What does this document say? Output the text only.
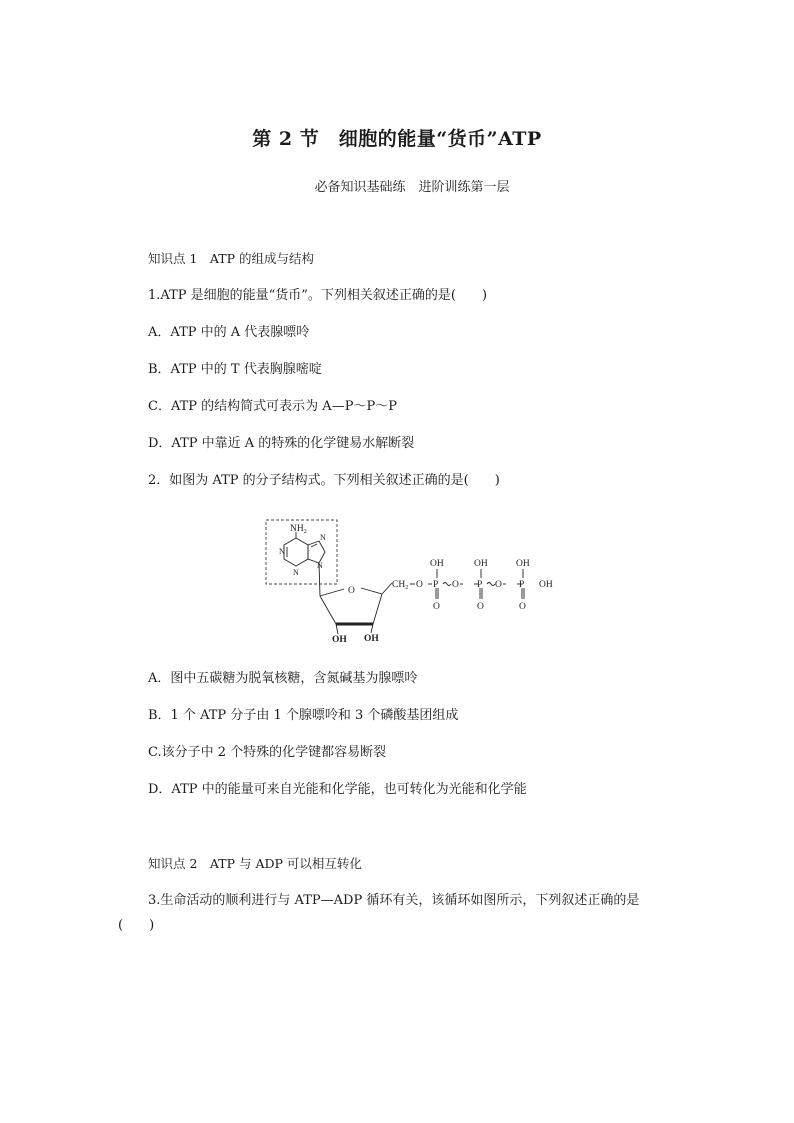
第 2 节　细胞的能量“货币”ATP
必备知识基础练　进阶训练第一层
知识点 1　ATP 的组成与结构
1.ATP 是细胞的能量“货币”。下列相关叙述正确的是(　　)
A．ATP 中的 A 代表腺嘌呤
B．ATP 中的 T 代表胸腺嘧啶
C．ATP 的结构简式可表示为 A—P～P～P
D．ATP 中靠近 A 的特殊的化学键易水解断裂
2．如图为 ATP 的分子结构式。下列相关叙述正确的是(　　)
$NH_2$
N
N
N
N
O
OH OH
$CH_2$ O P O P O P OH
OH	OH	OH
O	O	O
A．图中五碳糖为脱氧核糖，含氮碱基为腺嘌呤
B．1 个 ATP 分子由 1 个腺嘌呤和 3 个磷酸基团组成
C.该分子中 2 个特殊的化学键都容易断裂
D．ATP 中的能量可来自光能和化学能，也可转化为光能和化学能
知识点 2　ATP 与 ADP 可以相互转化
3.生命活动的顺利进行与 ATP—ADP 循环有关，该循环如图所示，下列叙述正确的是
(　　)
